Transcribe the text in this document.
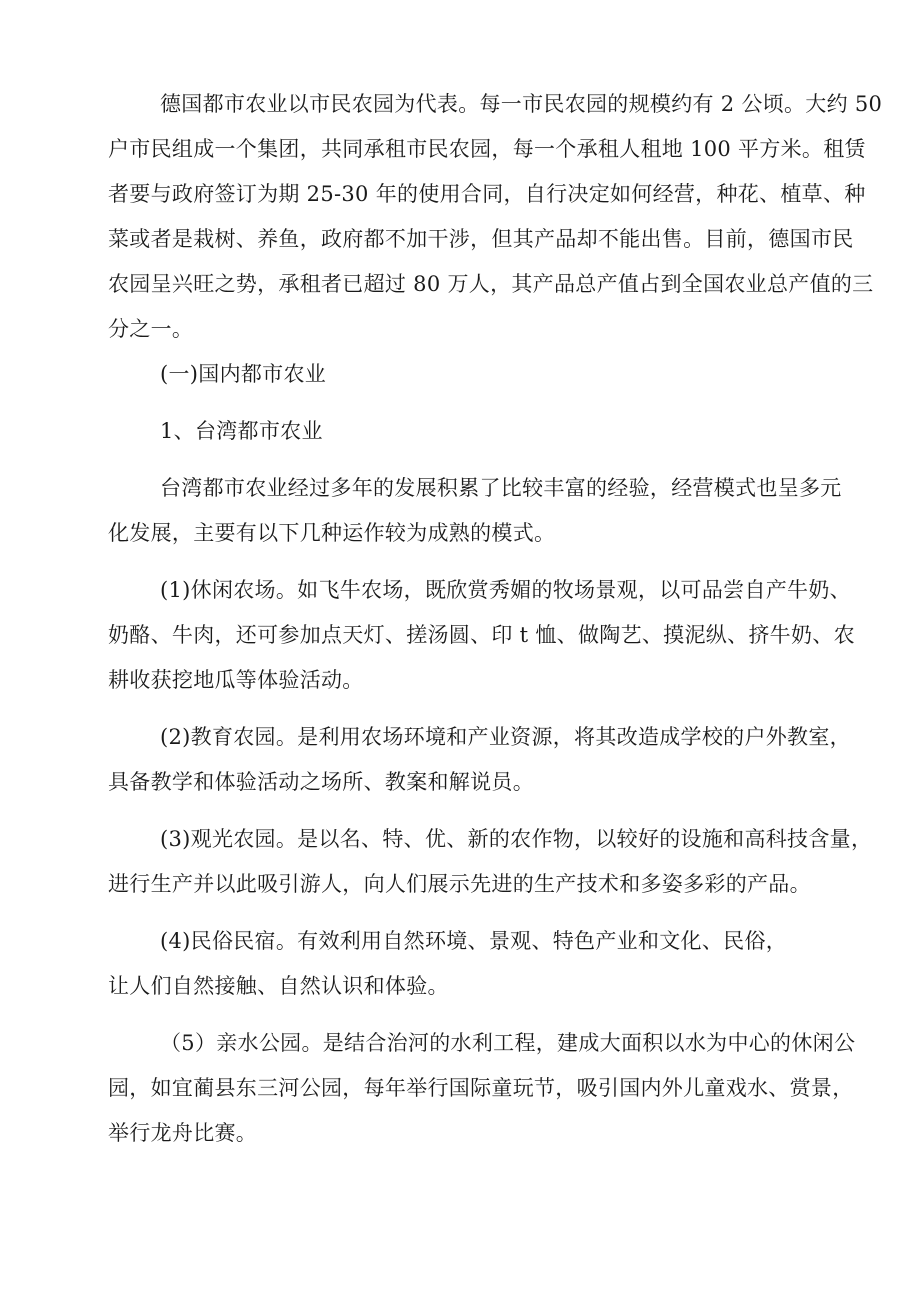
德国都市农业以市民农园为代表。每一市民农园的规模约有 2 公顷。大约 50
户市民组成一个集团，共同承租市民农园，每一个承租人租地 100 平方米。租赁
者要与政府签订为期 25-30 年的使用合同，自行决定如何经营，种花、植草、种
菜或者是栽树、养鱼，政府都不加干涉，但其产品却不能出售。目前，德国市民
农园呈兴旺之势，承租者已超过 80 万人，其产品总产值占到全国农业总产值的三
分之一。
(一)国内都市农业
1、台湾都市农业
台湾都市农业经过多年的发展积累了比较丰富的经验，经营模式也呈多元
化发展，主要有以下几种运作较为成熟的模式。
(1)休闲农场。如飞牛农场，既欣赏秀媚的牧场景观，以可品尝自产牛奶、
奶酪、牛肉，还可参加点天灯、搓汤圆、印 t 恤、做陶艺、摸泥纵、挤牛奶、农
耕收获挖地瓜等体验活动。
(2)教育农园。是利用农场环境和产业资源，将其改造成学校的户外教室，
具备教学和体验活动之场所、教案和解说员。
(3)观光农园。是以名、特、优、新的农作物，以较好的设施和高科技含量，
进行生产并以此吸引游人，向人们展示先进的生产技术和多姿多彩的产品。
(4)民俗民宿。有效利用自然环境、景观、特色产业和文化、民俗，
让人们自然接触、自然认识和体验。
（5）亲水公园。是结合治河的水利工程，建成大面积以水为中心的休闲公
园，如宜蔺县东三河公园，每年举行国际童玩节，吸引国内外儿童戏水、赏景，
举行龙舟比赛。
